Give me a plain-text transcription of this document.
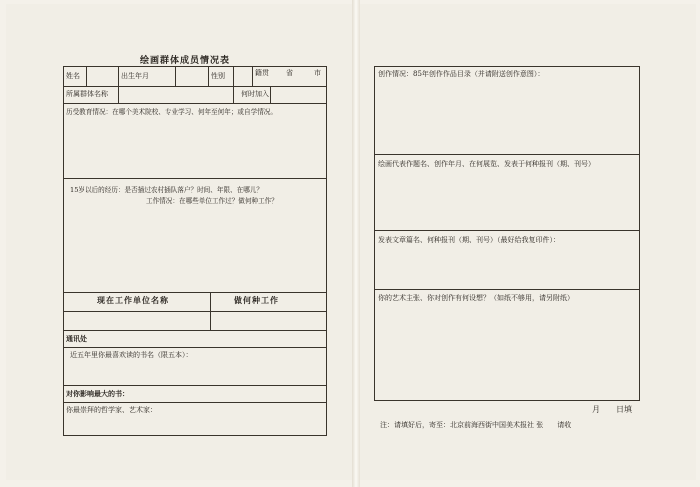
绘画群体成员情况表
姓名	出生年月	性别	籍贯 省	市
所属群体名称	何时加入
历受教育情况：在哪个美术院校、专业学习、何年至何年；或自学情况。
15岁以后的经历：是否插过农村插队落户？时间、年限、在哪儿？
工作情况：在哪些单位工作过？做何种工作？
现在工作单位名称	做何种工作
通讯处
近五年里你最喜欢读的书名（限五本）：
对你影响最大的书：
你最崇拜的哲学家、艺术家：
创作情况：85年创作作品目录（并请附送创作意图）：
绘画代表作题名、创作年月、在何展览、发表于何种报刊（期、刊号）
发表文章篇名、何种报刊（期、刊号）（最好给我复印件）：
你的艺术主张、你对创作有何设想？（如纸不够用，请另附纸）
月　　日填
注：请填好后，寄至：北京前海西街中国美术报社 张　　请收
